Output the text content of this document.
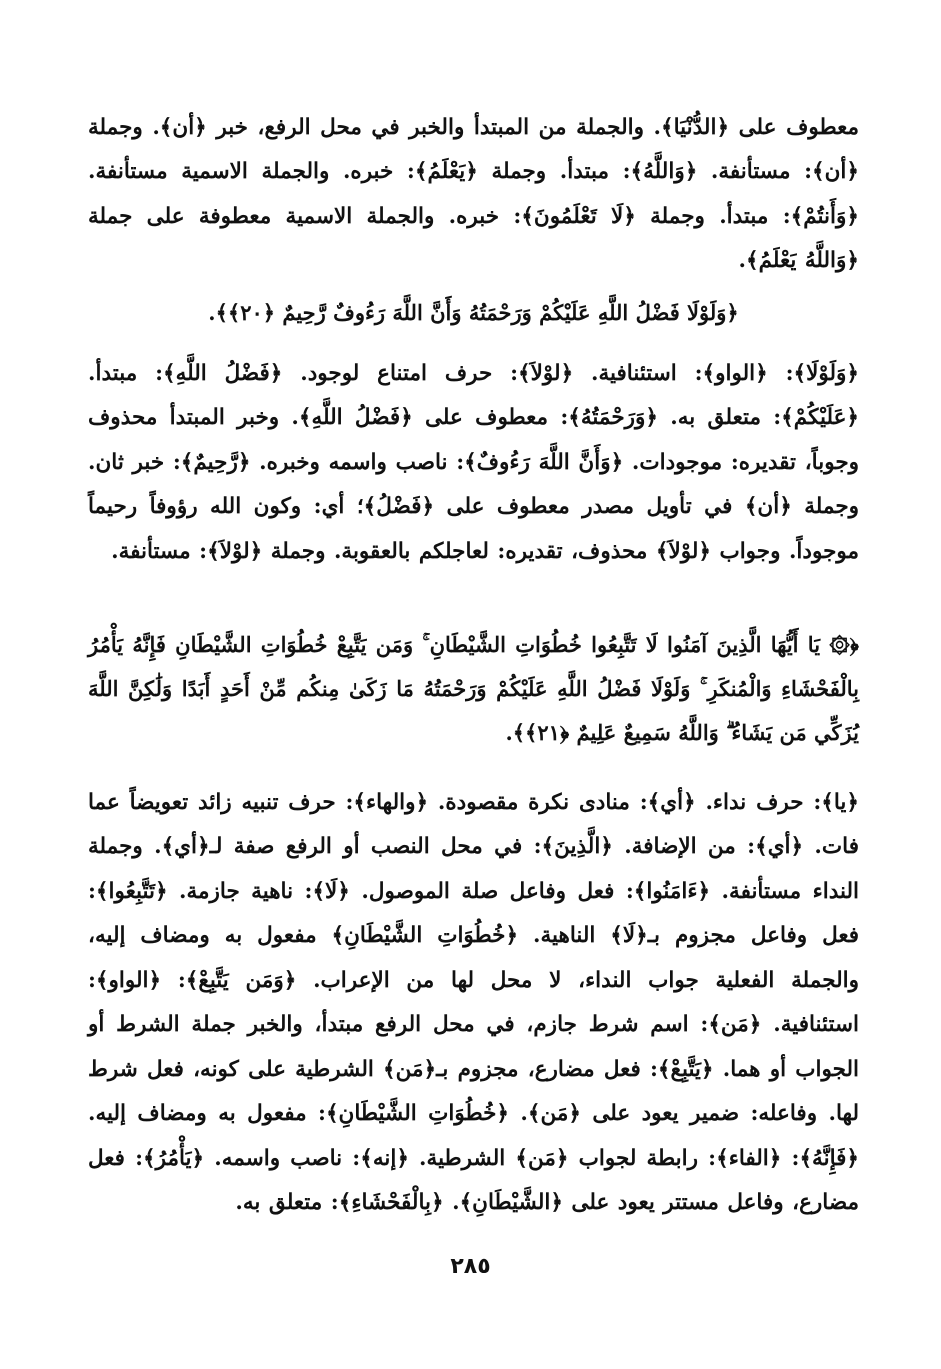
معطوف على ﴿الدُّنْيَا﴾. والجملة من المبتدأ والخبر في محل الرفع، خبر ﴿أن﴾. وجملة ﴿أن﴾: مستأنفة. ﴿وَاللَّهُ﴾: مبتدأ. وجملة ﴿يَعْلَمُ﴾: خبره. والجملة الاسمية مستأنفة. ﴿وَأَنتُمْ﴾: مبتدأ. وجملة ﴿لَا تَعْلَمُونَ﴾: خبره. والجملة الاسمية معطوفة على جملة ﴿وَاللَّهُ يَعْلَمُ﴾.

﴿وَلَوْلَا فَضْلُ اللَّهِ عَلَيْكُمْ وَرَحْمَتُهُ وَأَنَّ اللَّهَ رَءُوفٌ رَّحِيمٌ ﴿٢٠﴾﴾.

﴿وَلَوْلَا﴾: ﴿الواو﴾: استئنافية. ﴿لوْلاَ﴾: حرف امتناع لوجود. ﴿فَضْلُ اللَّهِ﴾: مبتدأ. ﴿عَلَيْكُمْ﴾: متعلق به. ﴿وَرَحْمَتُهُ﴾: معطوف على ﴿فَضْلُ اللَّهِ﴾. وخبر المبتدأ محذوف وجوباً، تقديره: موجودات. ﴿وَأَنَّ اللَّهَ رَءُوفٌ﴾: ناصب واسمه وخبره. ﴿رَّحِيمٌ﴾: خبر ثان. وجملة ﴿أن﴾ في تأويل مصدر معطوف على ﴿فَضْلُ﴾؛ أي: وكون الله رؤوفاً رحيماً موجوداً. وجواب ﴿لوْلاَ﴾ محذوف، تقديره: لعاجلكم بالعقوبة. وجملة ﴿لوْلاَ﴾: مستأنفة.

﴿۞ يَا أَيُّهَا الَّذِينَ آمَنُوا لَا تَتَّبِعُوا خُطُوَاتِ الشَّيْطَانِ ۚ وَمَن يَتَّبِعْ خُطُوَاتِ الشَّيْطَانِ فَإِنَّهُ يَأْمُرُ بِالْفَحْشَاءِ وَالْمُنكَرِ ۚ وَلَوْلَا فَضْلُ اللَّهِ عَلَيْكُمْ وَرَحْمَتُهُ مَا زَكَىٰ مِنكُم مِّنْ أَحَدٍ أَبَدًا وَلَٰكِنَّ اللَّهَ يُزَكِّي مَن يَشَاءُ ۗ وَاللَّهُ سَمِيعٌ عَلِيمٌ ﴿٢١﴾﴾.

﴿يا﴾: حرف نداء. ﴿أي﴾: منادى نكرة مقصودة. ﴿والهاء﴾: حرف تنبيه زائد تعويضاً عما فات. ﴿أي﴾: من الإضافة. ﴿الَّذِينَ﴾: في محل النصب أو الرفع صفة لـ﴿أي﴾. وجملة النداء مستأنفة. ﴿ءَامَنُوا﴾: فعل وفاعل صلة الموصول. ﴿لَا﴾: ناهية جازمة. ﴿تَتَّبِعُوا﴾: فعل وفاعل مجزوم بـ﴿لَا﴾ الناهية. ﴿خُطُوَاتِ الشَّيْطَانِ﴾ مفعول به ومضاف إليه، والجملة الفعلية جواب النداء، لا محل لها من الإعراب. ﴿وَمَن يَتَّبِعْ﴾: ﴿الواو﴾: استئنافية. ﴿مَن﴾: اسم شرط جازم، في محل الرفع مبتدأ، والخبر جملة الشرط أو الجواب أو هما. ﴿يَتَّبِعْ﴾: فعل مضارع، مجزوم بـ﴿مَن﴾ الشرطية على كونه، فعل شرط لها. وفاعله: ضمير يعود على ﴿مَن﴾. ﴿خُطُوَاتِ الشَّيْطَانِ﴾: مفعول به ومضاف إليه. ﴿فَإِنَّهُ﴾: ﴿الفاء﴾: رابطة لجواب ﴿مَن﴾ الشرطية. ﴿إنه﴾: ناصب واسمه. ﴿يَأْمُرُ﴾: فعل مضارع، وفاعل مستتر يعود على ﴿الشَّيْطَانِ﴾. ﴿بِالْفَحْشَاءِ﴾: متعلق به.

٢٨٥
